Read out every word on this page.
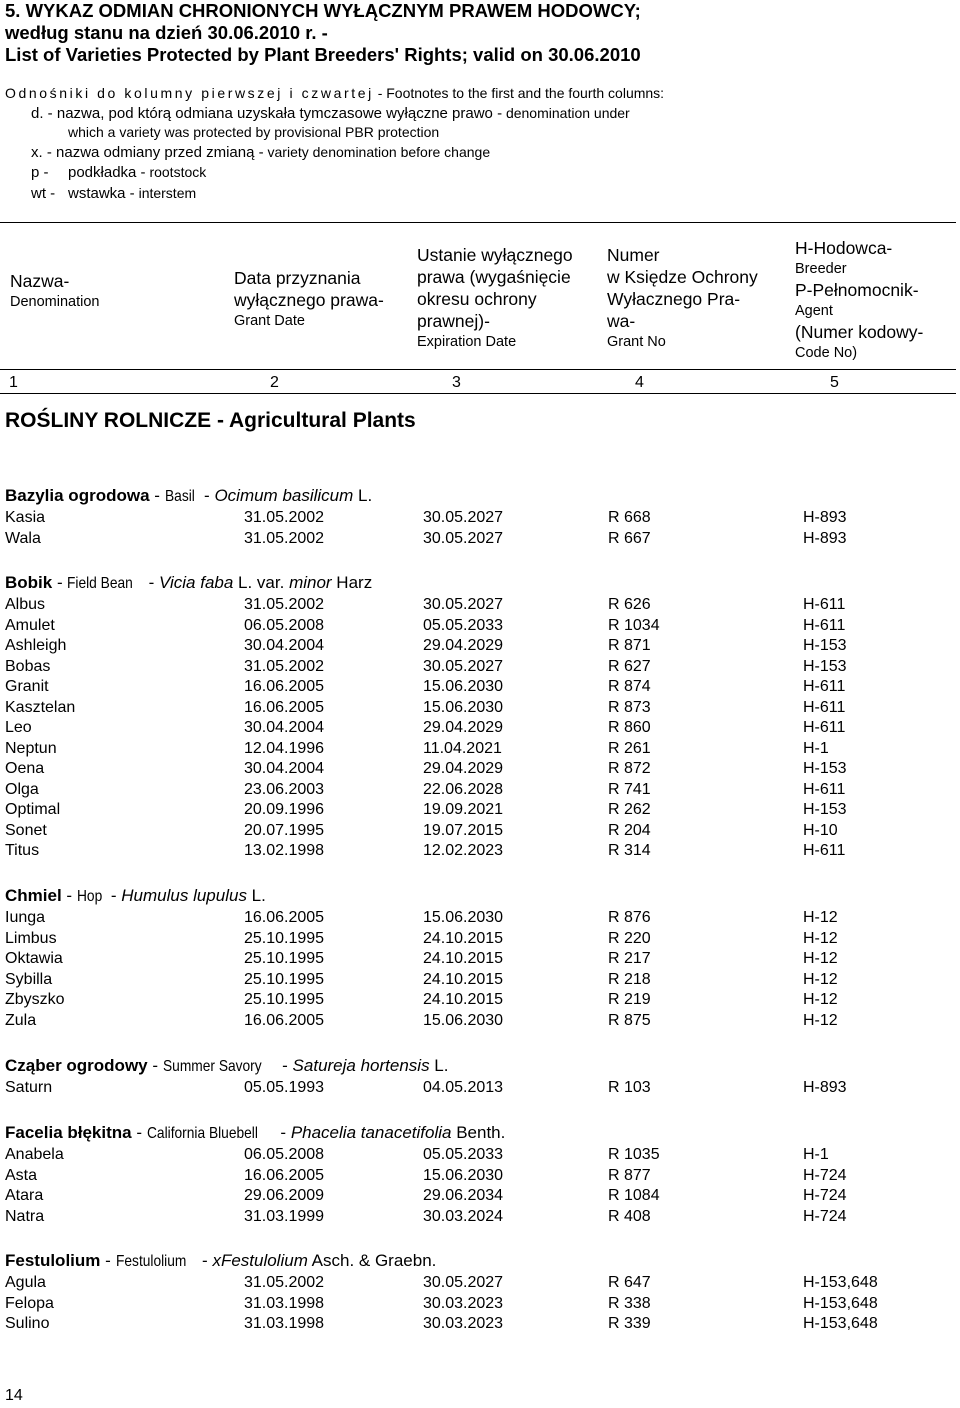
5. WYKAZ ODMIAN CHRONIONYCH WYŁĄCZNYM PRAWEM HODOWCY;
według stanu na dzień 30.06.2010 r. -
List of Varieties Protected by Plant Breeders' Rights; valid on 30.06.2010
Odnośniki do kolumny pierwszej i czwartej - Footnotes to the first and the fourth columns:
d. - nazwa, pod którą odmiana uzyskała tymczasowe wyłączne prawo - denomination under
which a variety was protected by provisional PBR protection
x. - nazwa odmiany przed zmianą - variety denomination before change
p - podkładka - rootstock
wt - wstawka - interstem
Nazwa-
Denomination
Data przyznania
wyłącznego prawa-
Grant Date
Ustanie wyłącznego
prawa (wygaśnięcie
okresu ochrony
prawnej)-
Expiration Date
Numer
w Księdze Ochrony
Wyłacznego Pra-
wa-
Grant No
H-Hodowca-
Breeder
P-Pełnomocnik-
Agent
(Numer kodowy-
Code No)
1	2	3	4	5
ROŚLINY ROLNICZE - Agricultural Plants
Bazylia ogrodowa - Basil - Ocimum basilicum L.
Kasia	31.05.2002	30.05.2027	R 668	H-893
Wala	31.05.2002	30.05.2027	R 667	H-893
Bobik - Field Bean - Vicia faba L. var. minor Harz
Albus	31.05.2002	30.05.2027	R 626	H-611
Amulet	06.05.2008	05.05.2033	R 1034	H-611
Ashleigh	30.04.2004	29.04.2029	R 871	H-153
Bobas	31.05.2002	30.05.2027	R 627	H-153
Granit	16.06.2005	15.06.2030	R 874	H-611
Kasztelan	16.06.2005	15.06.2030	R 873	H-611
Leo	30.04.2004	29.04.2029	R 860	H-611
Neptun	12.04.1996	11.04.2021	R 261	H-1
Oena	30.04.2004	29.04.2029	R 872	H-153
Olga	23.06.2003	22.06.2028	R 741	H-611
Optimal	20.09.1996	19.09.2021	R 262	H-153
Sonet	20.07.1995	19.07.2015	R 204	H-10
Titus	13.02.1998	12.02.2023	R 314	H-611
Chmiel - Hop - Humulus lupulus L.
Iunga	16.06.2005	15.06.2030	R 876	H-12
Limbus	25.10.1995	24.10.2015	R 220	H-12
Oktawia	25.10.1995	24.10.2015	R 217	H-12
Sybilla	25.10.1995	24.10.2015	R 218	H-12
Zbyszko	25.10.1995	24.10.2015	R 219	H-12
Zula	16.06.2005	15.06.2030	R 875	H-12
Cząber ogrodowy - Summer Savory - Satureja hortensis L.
Saturn	05.05.1993	04.05.2013	R 103	H-893
Facelia błękitna - California Bluebell - Phacelia tanacetifolia Benth.
Anabela	06.05.2008	05.05.2033	R 1035	H-1
Asta	16.06.2005	15.06.2030	R 877	H-724
Atara	29.06.2009	29.06.2034	R 1084	H-724
Natra	31.03.1999	30.03.2024	R 408	H-724
Festulolium - Festulolium - xFestulolium Asch. & Graebn.
Agula	31.05.2002	30.05.2027	R 647	H-153,648
Felopa	31.03.1998	30.03.2023	R 338	H-153,648
Sulino	31.03.1998	30.03.2023	R 339	H-153,648
14
